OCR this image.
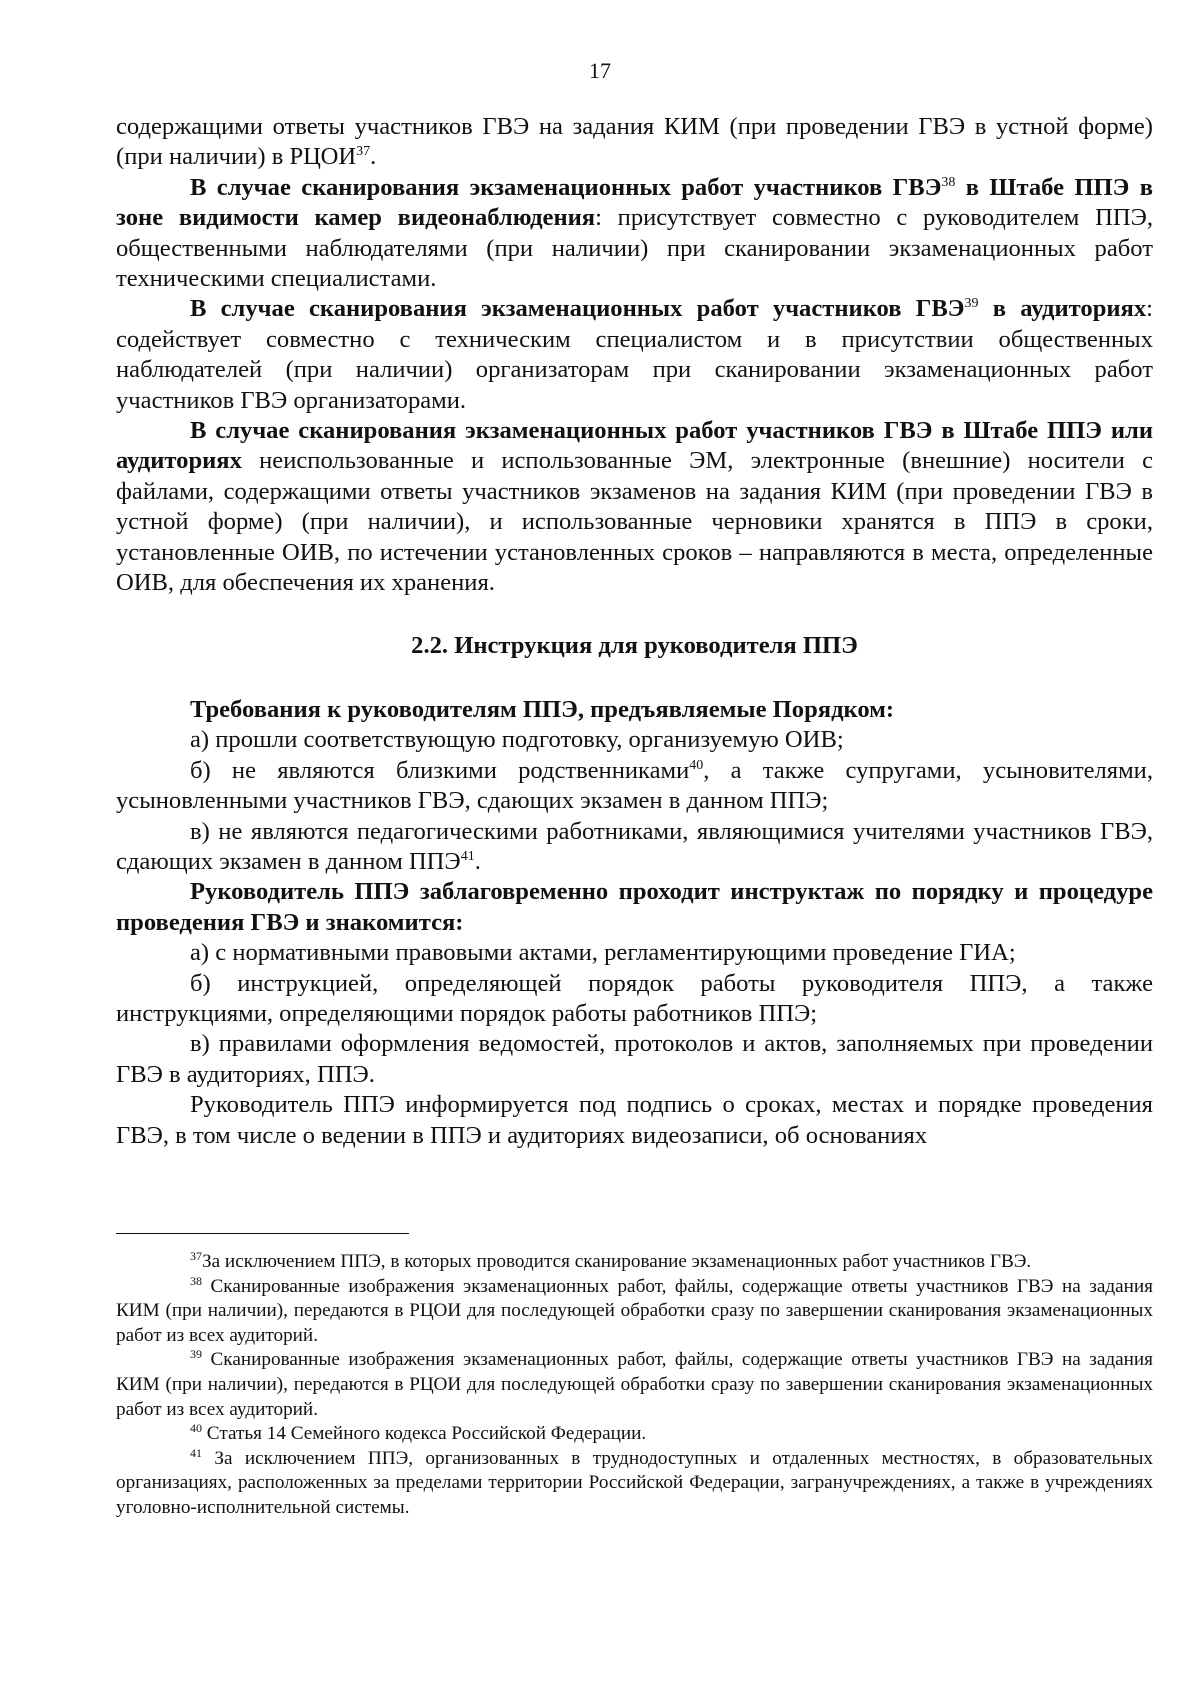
17

содержащими ответы участников ГВЭ на задания КИМ (при проведении ГВЭ в устной форме) (при наличии) в РЦОИ$^{37}$.

В случае сканирования экзаменационных работ участников ГВЭ$^{38}$ в Штабе ППЭ в зоне видимости камер видеонаблюдения: присутствует совместно с руководителем ППЭ, общественными наблюдателями (при наличии) при сканировании экзаменационных работ техническими специалистами.

В случае сканирования экзаменационных работ участников ГВЭ$^{39}$ в аудиториях: содействует совместно с техническим специалистом и в присутствии общественных наблюдателей (при наличии) организаторам при сканировании экзаменационных работ участников ГВЭ организаторами.

В случае сканирования экзаменационных работ участников ГВЭ в Штабе ППЭ или аудиториях неиспользованные и использованные ЭМ, электронные (внешние) носители с файлами, содержащими ответы участников экзаменов на задания КИМ (при проведении ГВЭ в устной форме) (при наличии), и использованные черновики хранятся в ППЭ в сроки, установленные ОИВ, по истечении установленных сроков – направляются в места, определенные ОИВ, для обеспечения их хранения.

2.2. Инструкция для руководителя ППЭ

Требования к руководителям ППЭ, предъявляемые Порядком:

а) прошли соответствующую подготовку, организуемую ОИВ;

б) не являются близкими родственниками$^{40}$, а также супругами, усыновителями, усыновленными участников ГВЭ, сдающих экзамен в данном ППЭ;

в) не являются педагогическими работниками, являющимися учителями участников ГВЭ, сдающих экзамен в данном ППЭ$^{41}$.

Руководитель ППЭ заблаговременно проходит инструктаж по порядку и процедуре проведения ГВЭ и знакомится:

а) с нормативными правовыми актами, регламентирующими проведение ГИА;

б) инструкцией, определяющей порядок работы руководителя ППЭ, а также инструкциями, определяющими порядок работы работников ППЭ;

в) правилами оформления ведомостей, протоколов и актов, заполняемых при проведении ГВЭ в аудиториях, ППЭ.

Руководитель ППЭ информируется под подпись о сроках, местах и порядке проведения ГВЭ, в том числе о ведении в ППЭ и аудиториях видеозаписи, об основаниях

$^{37}$За исключением ППЭ, в которых проводится сканирование экзаменационных работ участников ГВЭ.

$^{38}$ Сканированные изображения экзаменационных работ, файлы, содержащие ответы участников ГВЭ на задания КИМ (при наличии), передаются в РЦОИ для последующей обработки сразу по завершении сканирования экзаменационных работ из всех аудиторий.

$^{39}$ Сканированные изображения экзаменационных работ, файлы, содержащие ответы участников ГВЭ на задания КИМ (при наличии), передаются в РЦОИ для последующей обработки сразу по завершении сканирования экзаменационных работ из всех аудиторий.

$^{40}$ Статья 14 Семейного кодекса Российской Федерации.

$^{41}$ За исключением ППЭ, организованных в труднодоступных и отдаленных местностях, в образовательных организациях, расположенных за пределами территории Российской Федерации, загранучреждениях, а также в учреждениях уголовно-исполнительной системы.
